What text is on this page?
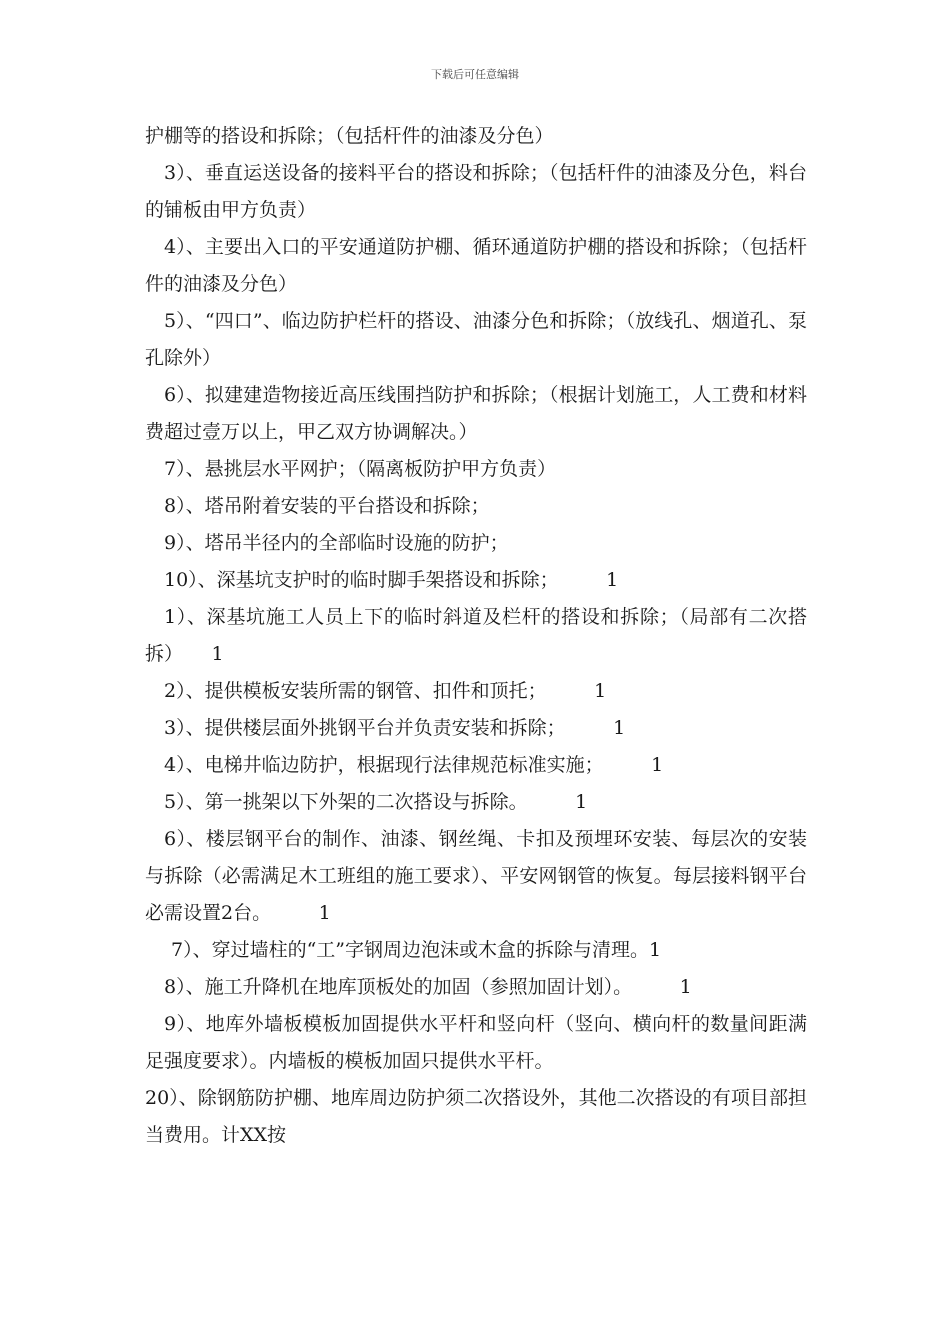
下载后可任意编辑

护棚等的搭设和拆除；（包括杆件的油漆及分色）

3）、垂直运送设备的接料平台的搭设和拆除；（包括杆件的油漆及分色，料台的铺板由甲方负责）

4）、主要出入口的平安通道防护棚、循环通道防护棚的搭设和拆除；（包括杆件的油漆及分色）

5）、“四口”、临边防护栏杆的搭设、油漆分色和拆除；（放线孔、烟道孔、泵孔除外）

6）、拟建建造物接近高压线围挡防护和拆除；（根据计划施工，人工费和材料费超过壹万以上，甲乙双方协调解决。）

7）、悬挑层水平网护；（隔离板防护甲方负责）

8）、塔吊附着安装的平台搭设和拆除；

9）、塔吊半径内的全部临时设施的防护；

10）、深基坑支护时的临时脚手架搭设和拆除；　　　1

1）、深基坑施工人员上下的临时斜道及栏杆的搭设和拆除；（局部有二次搭拆）　　1

2）、提供模板安装所需的钢管、扣件和顶托；　　　1

3）、提供楼层面外挑钢平台并负责安装和拆除；　　　1

4）、电梯井临边防护，根据现行法律规范标准实施；　　　1

5）、第一挑架以下外架的二次搭设与拆除。　　　1

6）、楼层钢平台的制作、油漆、钢丝绳、卡扣及预埋环安装、每层次的安装与拆除（必需满足木工班组的施工要求）、平安网钢管的恢复。每层接料钢平台必需设置2台。　　　1

7）、穿过墙柱的“工”字钢周边泡沫或木盒的拆除与清理。1

8）、施工升降机在地库顶板处的加固（参照加固计划）。　　　1

9）、地库外墙板模板加固提供水平杆和竖向杆（竖向、横向杆的数量间距满足强度要求）。内墙板的模板加固只提供水平杆。

20）、除钢筋防护棚、地库周边防护须二次搭设外，其他二次搭设的有项目部担当费用。计XX按
